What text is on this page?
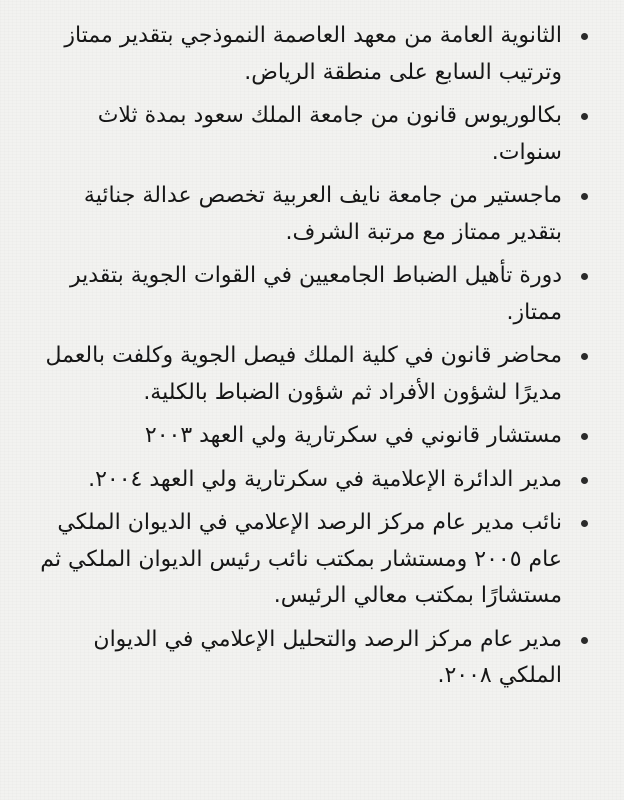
الثانوية العامة من معهد العاصمة النموذجي بتقدير ممتاز وترتيب السابع على منطقة الرياض.
بكالوريوس قانون من جامعة الملك سعود بمدة ثلاث سنوات.
ماجستير من جامعة نايف العربية تخصص عدالة جنائية بتقدير ممتاز مع مرتبة الشرف.
دورة تأهيل الضباط الجامعيين في القوات الجوية بتقدير ممتاز.
محاضر قانون في كلية الملك فيصل الجوية وكلفت بالعمل مديرًا لشؤون الأفراد ثم شؤون الضباط بالكلية.
مستشار قانوني في سكرتارية ولي العهد ٢٠٠٣
مدير الدائرة الإعلامية في سكرتارية ولي العهد ٢٠٠٤.
نائب مدير عام مركز الرصد الإعلامي في الديوان الملكي عام ٢٠٠٥ ومستشار بمكتب نائب رئيس الديوان الملكي ثم مستشارًا بمكتب معالي الرئيس.
مدير عام مركز الرصد والتحليل الإعلامي في الديوان الملكي ٢٠٠٨.
